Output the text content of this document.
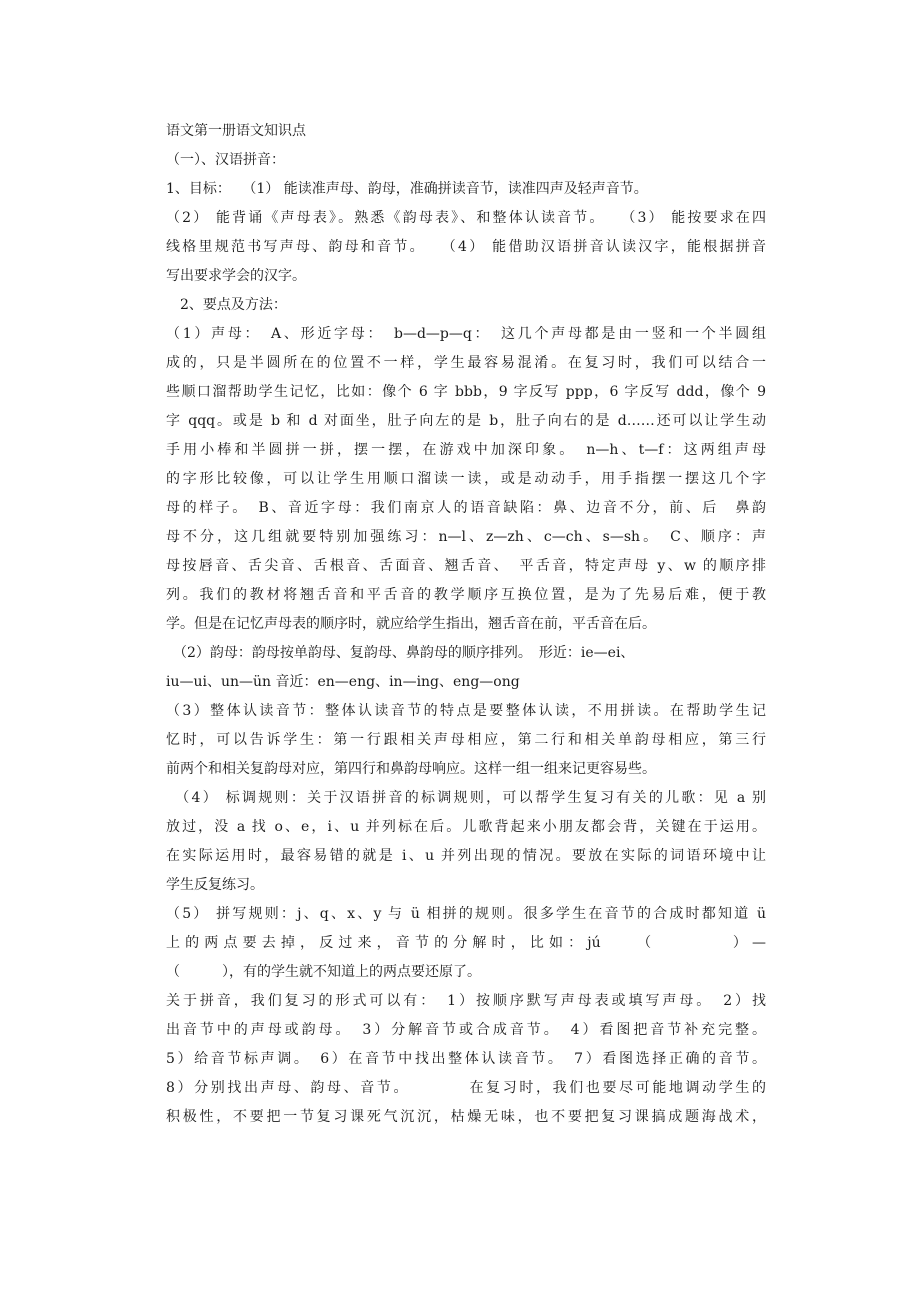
语文第一册语文知识点
（一）、汉语拼音：
1、目标：　 （1） 能读准声母、韵母，准确拼读音节，读准四声及轻声音节。
（2） 能背诵《声母表》。熟悉《韵母表》、和整体认读音节。　 （3） 能按要求在四
线格里规范书写声母、韵母和音节。　 （4） 能借助汉语拼音认读汉字，能根据拼音
写出要求学会的汉字。
　2、要点及方法：
（1）声母：　A、形近字母：　b—d—p—q：　这几个声母都是由一竖和一个半圆组
成的，只是半圆所在的位置不一样，学生最容易混淆。在复习时，我们可以结合一
些顺口溜帮助学生记忆，比如：像个 6 字 bbb，9 字反写 ppp，6 字反写 ddd，像个 9
字 qqq。或是 b 和 d 对面坐，肚子向左的是 b，肚子向右的是 d……还可以让学生动
手用小棒和半圆拼一拼，摆一摆，在游戏中加深印象。　n—h、t—f：这两组声母
的字形比较像，可以让学生用顺口溜读一读，或是动动手，用手指摆一摆这几个字
母的样子。　B、音近字母：我们南京人的语音缺陷：鼻、边音不分，前、后　鼻韵
母不分，这几组就要特别加强练习：n—l、z—zh、c—ch、s—sh。　C、顺序：声
母按唇音、舌尖音、舌根音、舌面音、翘舌音、　平舌音，特定声母 y、w 的顺序排
列。我们的教材将翘舌音和平舌音的教学顺序互换位置，是为了先易后难，便于教
学。但是在记忆声母表的顺序时，就应给学生指出，翘舌音在前，平舌音在后。
　（2）韵母：韵母按单韵母、复韵母、鼻韵母的顺序排列。　形近：ie—ei、
iu—ui、un—ün 音近：en—eng、in—ing、eng—ong
（3）整体认读音节：整体认读音节的特点是要整体认读，不用拼读。在帮助学生记
忆时，可以告诉学生：第一行跟相关声母相应，第二行和相关单韵母相应，第三行
前两个和相关复韵母对应，第四行和鼻韵母响应。这样一组一组来记更容易些。
　（4） 标调规则：关于汉语拼音的标调规则，可以帮学生复习有关的儿歌：见 a 别
放过，没 a 找 o、e，i、u 并列标在后。儿歌背起来小朋友都会背，关键在于运用。
在实际运用时，最容易错的就是 i、u 并列出现的情况。要放在实际的词语环境中让
学生反复练习。
（5） 拼写规则：j、q、x、y 与 ü 相拼的规则。很多学生在音节的合成时都知道 ü
上的两点要去掉，反过来，音节的分解时，比如：jú　　（　　　　）—
（　　　），有的学生就不知道上的两点要还原了。
关于拼音，我们复习的形式可以有：　1）按顺序默写声母表或填写声母。　2）找
出音节中的声母或韵母。　3）分解音节或合成音节。　4）看图把音节补充完整。
5）给音节标声调。　6）在音节中找出整体认读音节。　7）看图选择正确的音节。
8）分别找出声母、韵母、音节。　　　　在复习时，我们也要尽可能地调动学生的
积极性，不要把一节复习课死气沉沉，枯燥无味，也不要把复习课搞成题海战术，
